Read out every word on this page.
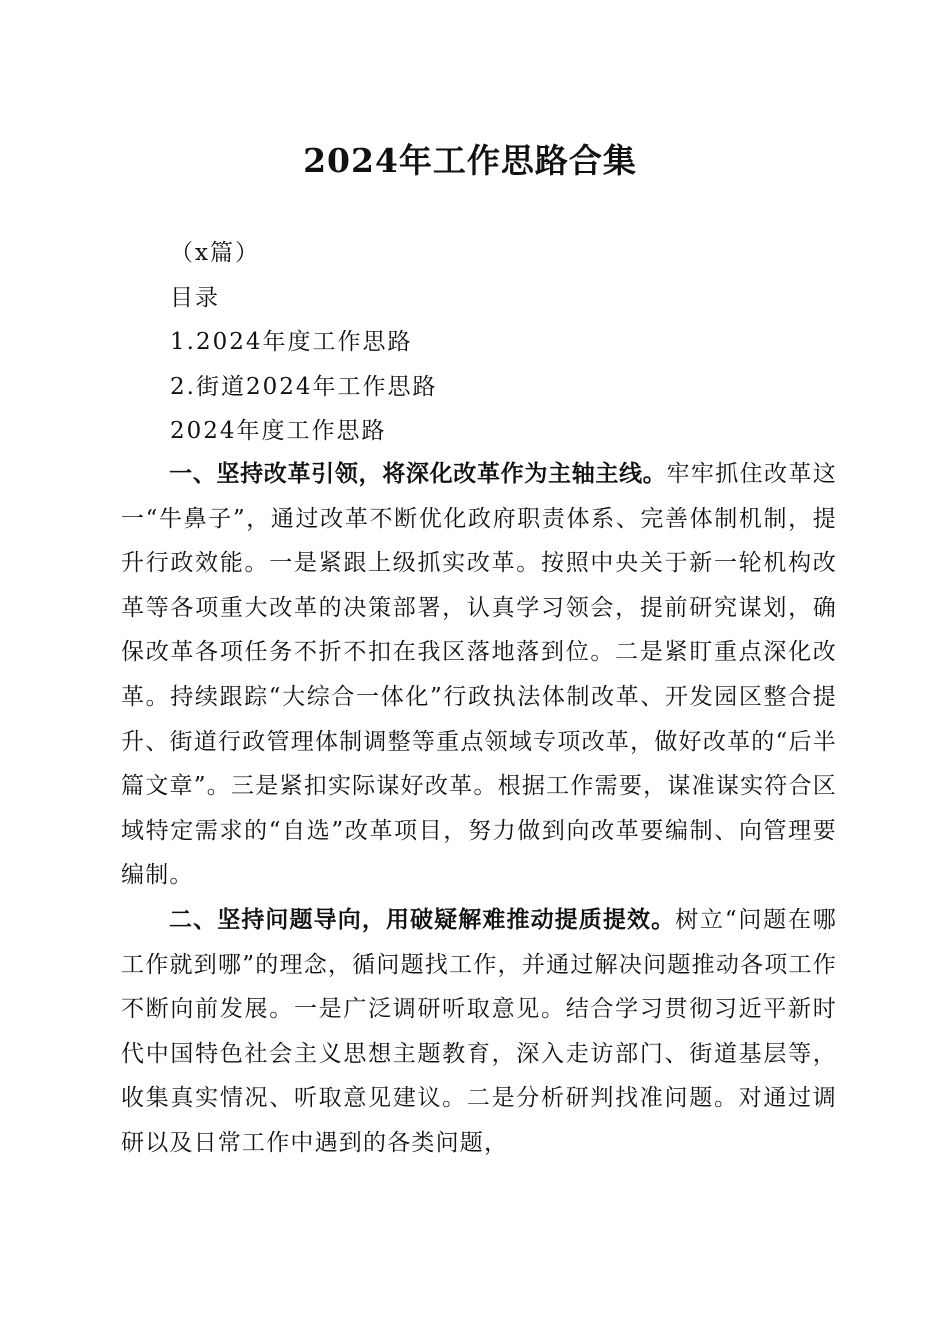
2024年工作思路合集
（x篇）
目录
1.2024年度工作思路
2.街道2024年工作思路
2024年度工作思路

一、坚持改革引领，将深化改革作为主轴主线。牢牢抓住改革这一“牛鼻子”，通过改革不断优化政府职责体系、完善体制机制，提升行政效能。一是紧跟上级抓实改革。按照中央关于新一轮机构改革等各项重大改革的决策部署，认真学习领会，提前研究谋划，确保改革各项任务不折不扣在我区落地落到位。二是紧盯重点深化改革。持续跟踪“大综合一体化”行政执法体制改革、开发园区整合提升、街道行政管理体制调整等重点领域专项改革，做好改革的“后半篇文章”。三是紧扣实际谋好改革。根据工作需要，谋准谋实符合区域特定需求的“自选”改革项目，努力做到向改革要编制、向管理要编制。

二、坚持问题导向，用破疑解难推动提质提效。树立“问题在哪工作就到哪”的理念，循问题找工作，并通过解决问题推动各项工作不断向前发展。一是广泛调研听取意见。结合学习贯彻习近平新时代中国特色社会主义思想主题教育，深入走访部门、街道基层等，收集真实情况、听取意见建议。二是分析研判找准问题。对通过调研以及日常工作中遇到的各类问题，
